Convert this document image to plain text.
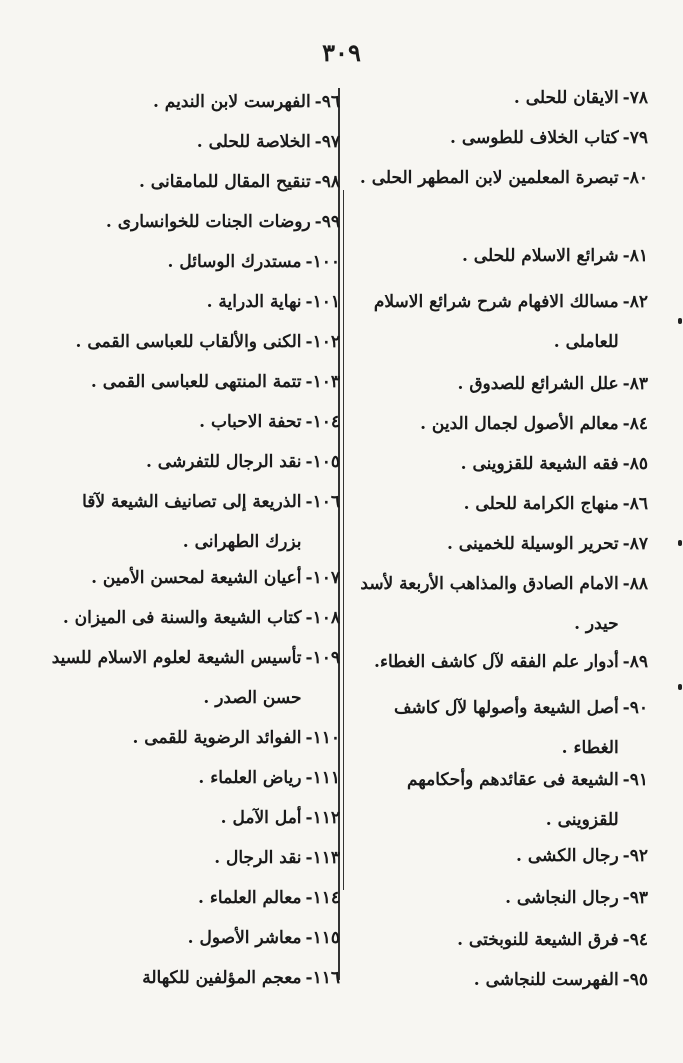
٣٠٩
٧٨-
الايقان للحلى .
٧٩-
كتاب الخلاف للطوسى .
٨٠-
تبصرة المعلمين لابن المطهر الحلى .
٨١-
شرائع الاسلام للحلى .
٨٢-
مسالك الافهام شرح شرائع الاسلام للعاملى .
٨٣-
علل الشرائع للصدوق .
٨٤-
معالم الأصول لجمال الدين .
٨٥-
فقه الشيعة للقزوينى .
٨٦-
منهاج الكرامة للحلى .
٨٧-
تحرير الوسيلة للخمينى .
٨٨-
الامام الصادق والمذاهب الأربعة لأسد حيدر .
٨٩-
أدوار علم الفقه لآل كاشف الغطاء.
٩٠-
أصل الشيعة وأصولها لآل كاشف الغطاء .
٩١-
الشيعة فى عقائدهم وأحكامهم للقزوينى .
٩٢-
رجال الكشى .
٩٣-
رجال النجاشى .
٩٤-
فرق الشيعة للنوبختى .
٩٥-
الفهرست للنجاشى .
٩٦-
الفهرست لابن النديم .
٩٧-
الخلاصة للحلى .
٩٨-
تنقيح المقال للمامقانى .
٩٩-
روضات الجنات للخوانسارى .
١٠٠-
مستدرك الوسائل .
١٠١-
نهاية الدراية .
١٠٢-
الكنى والألقاب للعباسى القمى .
١٠٣-
تتمة المنتهى للعباسى القمى .
١٠٤-
تحفة الاحباب .
١٠٥-
نقد الرجال للتفرشى .
١٠٦-
الذريعة إلى تصانيف الشيعة لآقا بزرك الطهرانى .
١٠٧-
أعيان الشيعة لمحسن الأمين .
١٠٨-
كتاب الشيعة والسنة فى الميزان .
١٠٩-
تأسيس الشيعة لعلوم الاسلام للسيد حسن الصدر .
١١٠-
الفوائد الرضوية للقمى .
١١١-
رياض العلماء .
١١٢-
أمل الآمل .
١١٣-
نقد الرجال .
١١٤-
معالم العلماء .
١١٥-
معاشر الأصول .
١١٦-
معجم المؤلفين للكهالة
